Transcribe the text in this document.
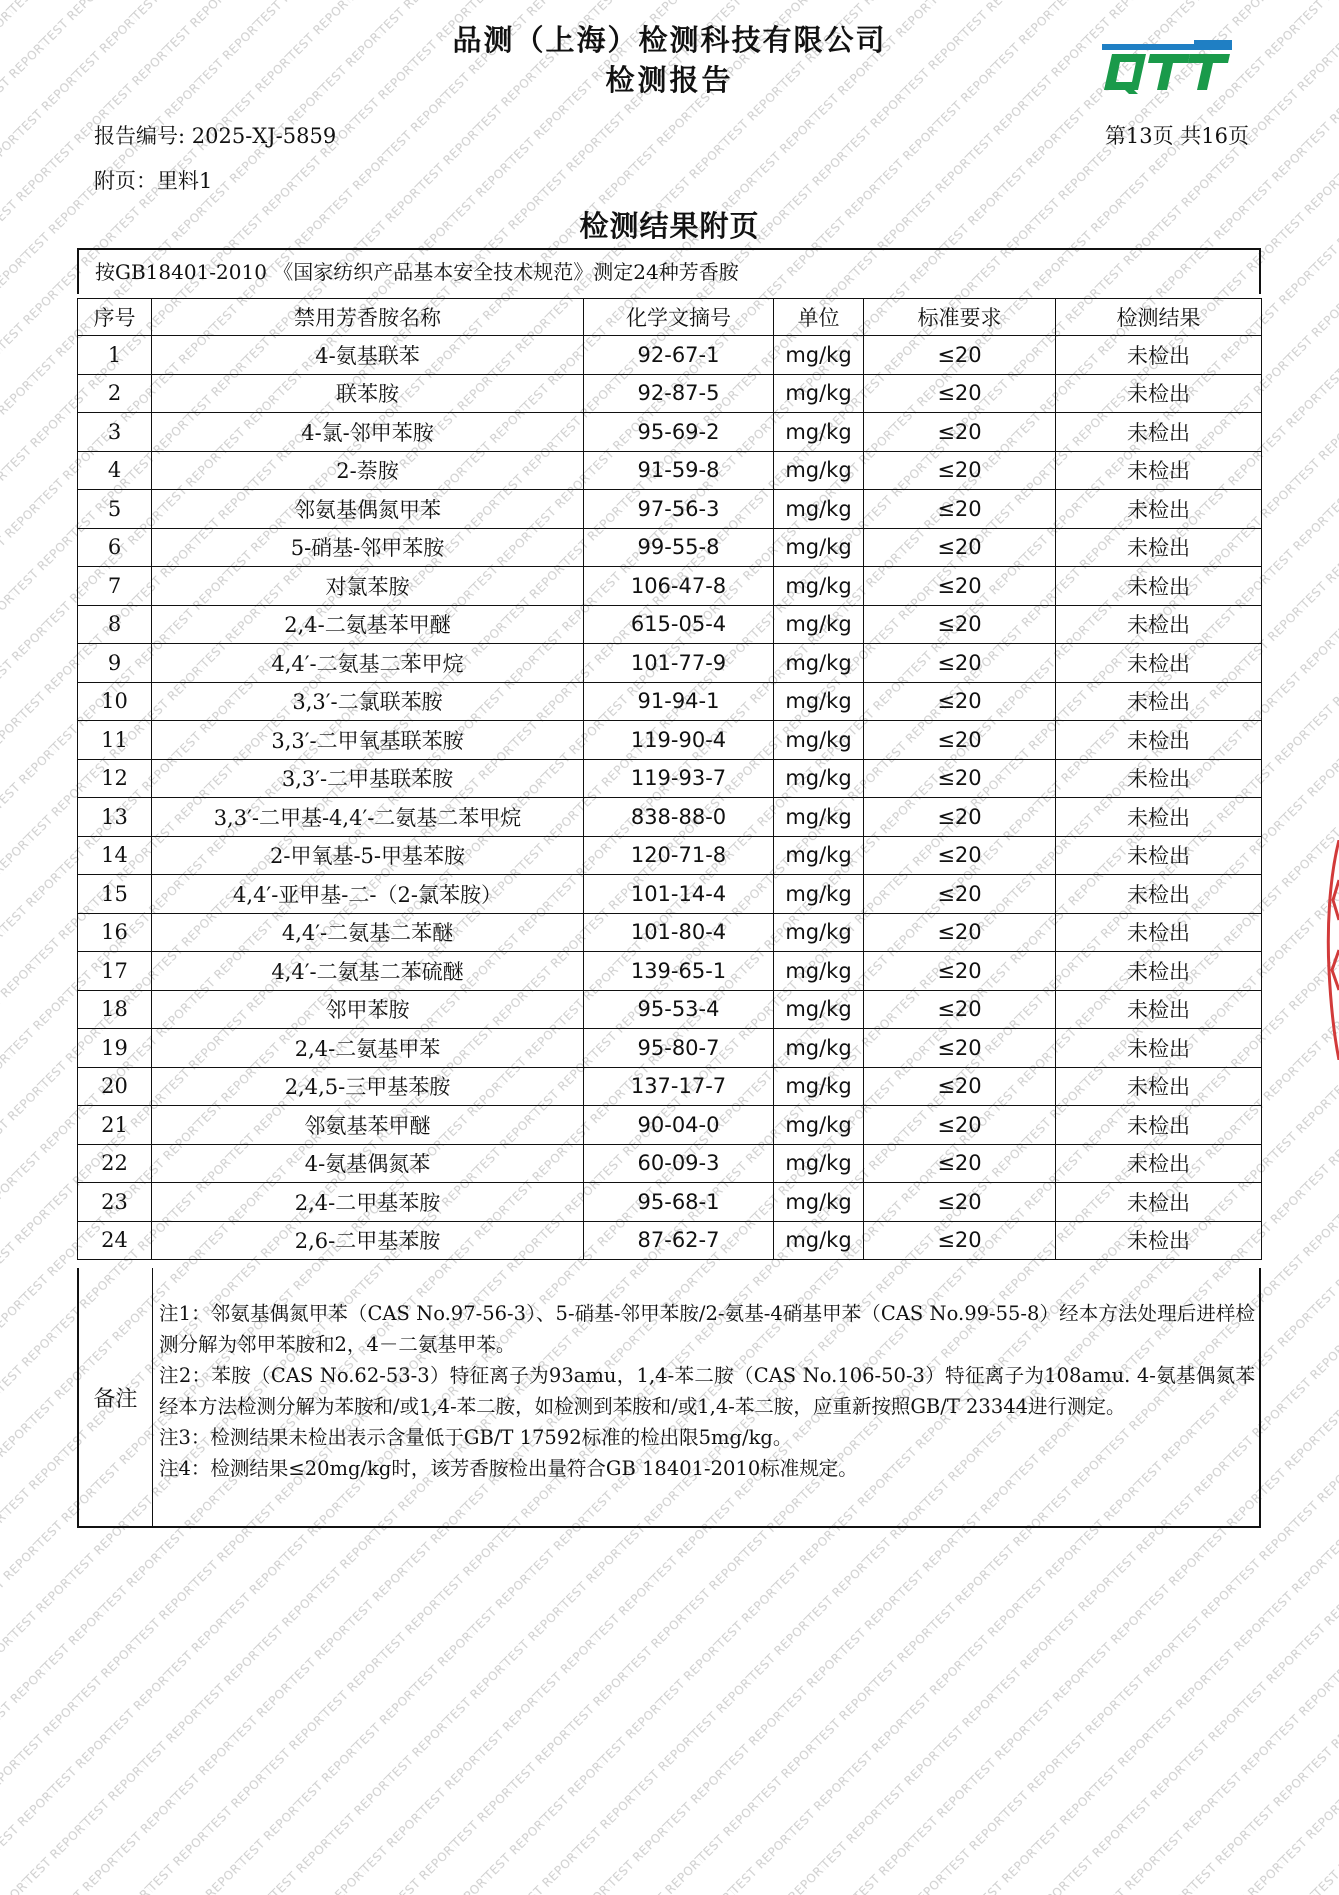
品测（上海）检测科技有限公司
检测报告
报告编号: 2025-XJ-5859	第13页 共16页
附页：里料1
检测结果附页
按GB18401-2010 《国家纺织产品基本安全技术规范》测定24种芳香胺
序号	禁用芳香胺名称	化学文摘号	单位	标准要求	检测结果
1	4-氨基联苯	92-67-1	mg/kg	≤20	未检出
2	联苯胺	92-87-5	mg/kg	≤20	未检出
3	4-氯-邻甲苯胺	95-69-2	mg/kg	≤20	未检出
4	2-萘胺	91-59-8	mg/kg	≤20	未检出
5	邻氨基偶氮甲苯	97-56-3	mg/kg	≤20	未检出
6	5-硝基-邻甲苯胺	99-55-8	mg/kg	≤20	未检出
7	对氯苯胺	106-47-8	mg/kg	≤20	未检出
8	2,4-二氨基苯甲醚	615-05-4	mg/kg	≤20	未检出
9	4,4′-二氨基二苯甲烷	101-77-9	mg/kg	≤20	未检出
10	3,3′-二氯联苯胺	91-94-1	mg/kg	≤20	未检出
11	3,3′-二甲氧基联苯胺	119-90-4	mg/kg	≤20	未检出
12	3,3′-二甲基联苯胺	119-93-7	mg/kg	≤20	未检出
13	3,3′-二甲基-4,4′-二氨基二苯甲烷	838-88-0	mg/kg	≤20	未检出
14	2-甲氧基-5-甲基苯胺	120-71-8	mg/kg	≤20	未检出
15	4,4′-亚甲基-二-（2-氯苯胺）	101-14-4	mg/kg	≤20	未检出
16	4,4′-二氨基二苯醚	101-80-4	mg/kg	≤20	未检出
17	4,4′-二氨基二苯硫醚	139-65-1	mg/kg	≤20	未检出
18	邻甲苯胺	95-53-4	mg/kg	≤20	未检出
19	2,4-二氨基甲苯	95-80-7	mg/kg	≤20	未检出
20	2,4,5-三甲基苯胺	137-17-7	mg/kg	≤20	未检出
21	邻氨基苯甲醚	90-04-0	mg/kg	≤20	未检出
22	4-氨基偶氮苯	60-09-3	mg/kg	≤20	未检出
23	2,4-二甲基苯胺	95-68-1	mg/kg	≤20	未检出
24	2,6-二甲基苯胺	87-62-7	mg/kg	≤20	未检出
备注

注1：邻氨基偶氮甲苯（CAS No.97-56-3）、5-硝基-邻甲苯胺/2-氨基-4硝基甲苯（CAS No.99-55-8）经本方法处理后进样检测分解为邻甲苯胺和2，4－二氨基甲苯。

注2：苯胺（CAS No.62-53-3）特征离子为93amu，1,4-苯二胺（CAS No.106-50-3）特征离子为108amu. 4-氨基偶氮苯经本方法检测分解为苯胺和/或1,4-苯二胺，如检测到苯胺和/或1,4-苯二胺，应重新按照GB/T 23344进行测定。

注3：检测结果未检出表示含量低于GB/T 17592标准的检出限5mg/kg。

注4：检测结果≤20mg/kg时，该芳香胺检出量符合GB 18401-2010标准规定。
